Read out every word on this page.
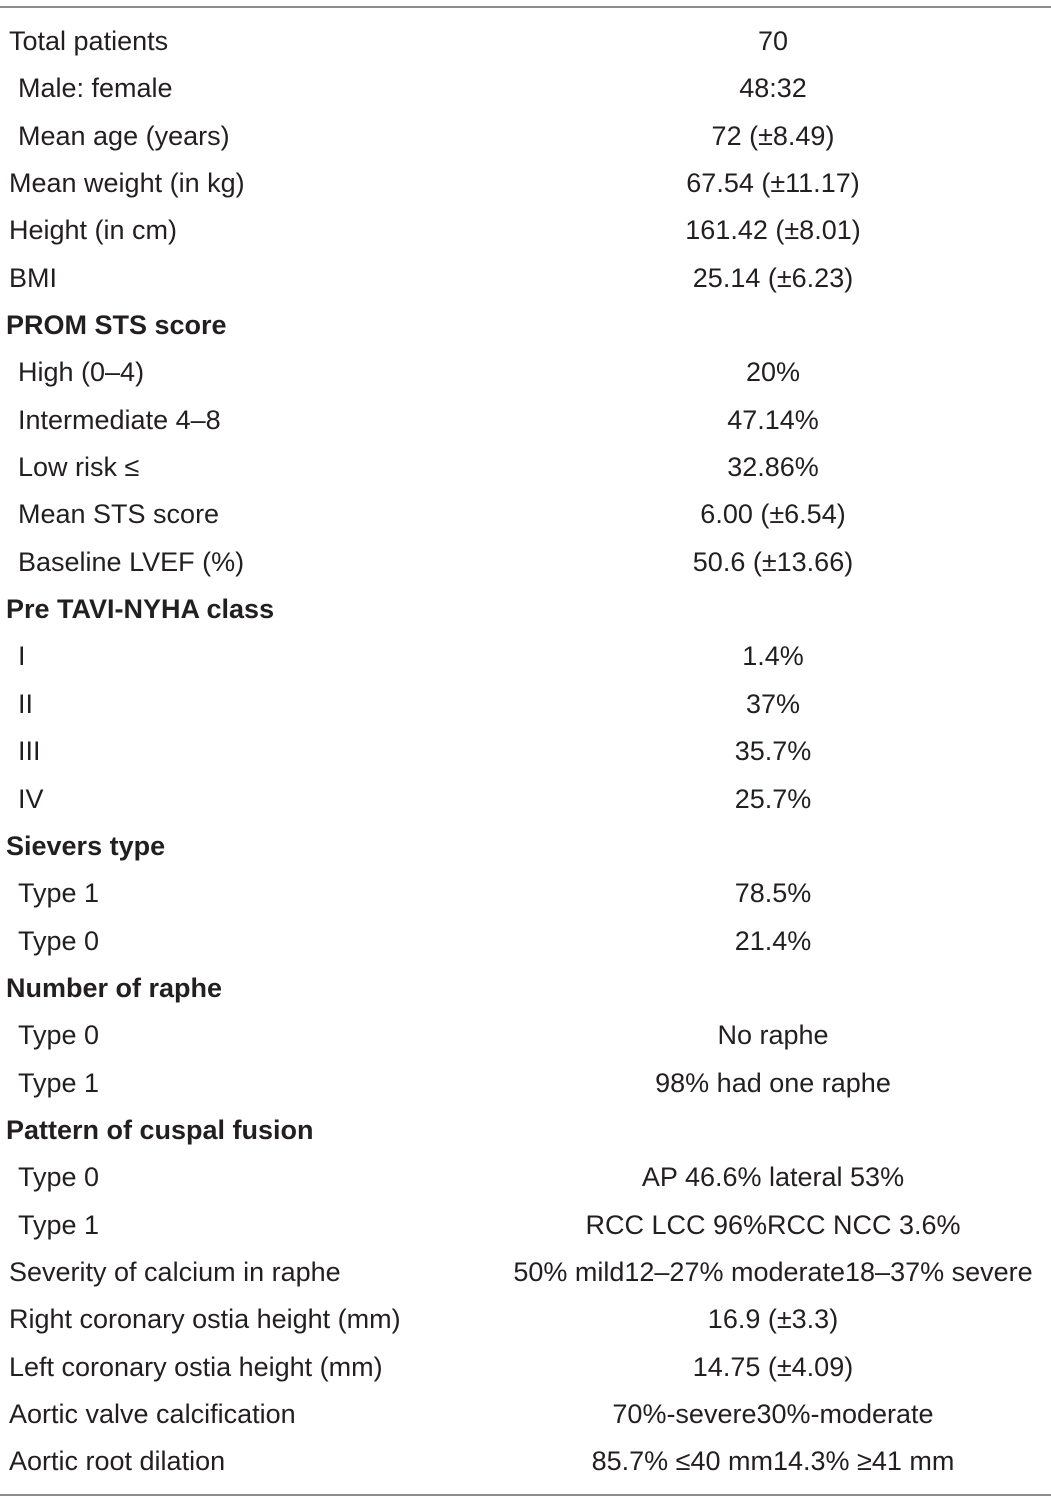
Total patients	70
Male: female	48:32
Mean age (years)	72 (±8.49)
Mean weight (in kg)	67.54 (±11.17)
Height (in cm)	161.42 (±8.01)
BMI	25.14 (±6.23)
PROM STS score
High (0–4)	20%
Intermediate 4–8	47.14%
Low risk ≤	32.86%
Mean STS score	6.00 (±6.54)
Baseline LVEF (%)	50.6 (±13.66)
Pre TAVI-NYHA class
I	1.4%
II	37%
III	35.7%
IV	25.7%
Sievers type
Type 1	78.5%
Type 0	21.4%
Number of raphe
Type 0	No raphe
Type 1	98% had one raphe
Pattern of cuspal fusion
Type 0	AP 46.6% lateral 53%
Type 1	RCC LCC 96%RCC NCC 3.6%
Severity of calcium in raphe	50% mild12–27% moderate18–37% severe
Right coronary ostia height (mm)	16.9 (±3.3)
Left coronary ostia height (mm)	14.75 (±4.09)
Aortic valve calcification	70%-severe30%-moderate
Aortic root dilation	85.7% ≤40 mm14.3% ≥41 mm
